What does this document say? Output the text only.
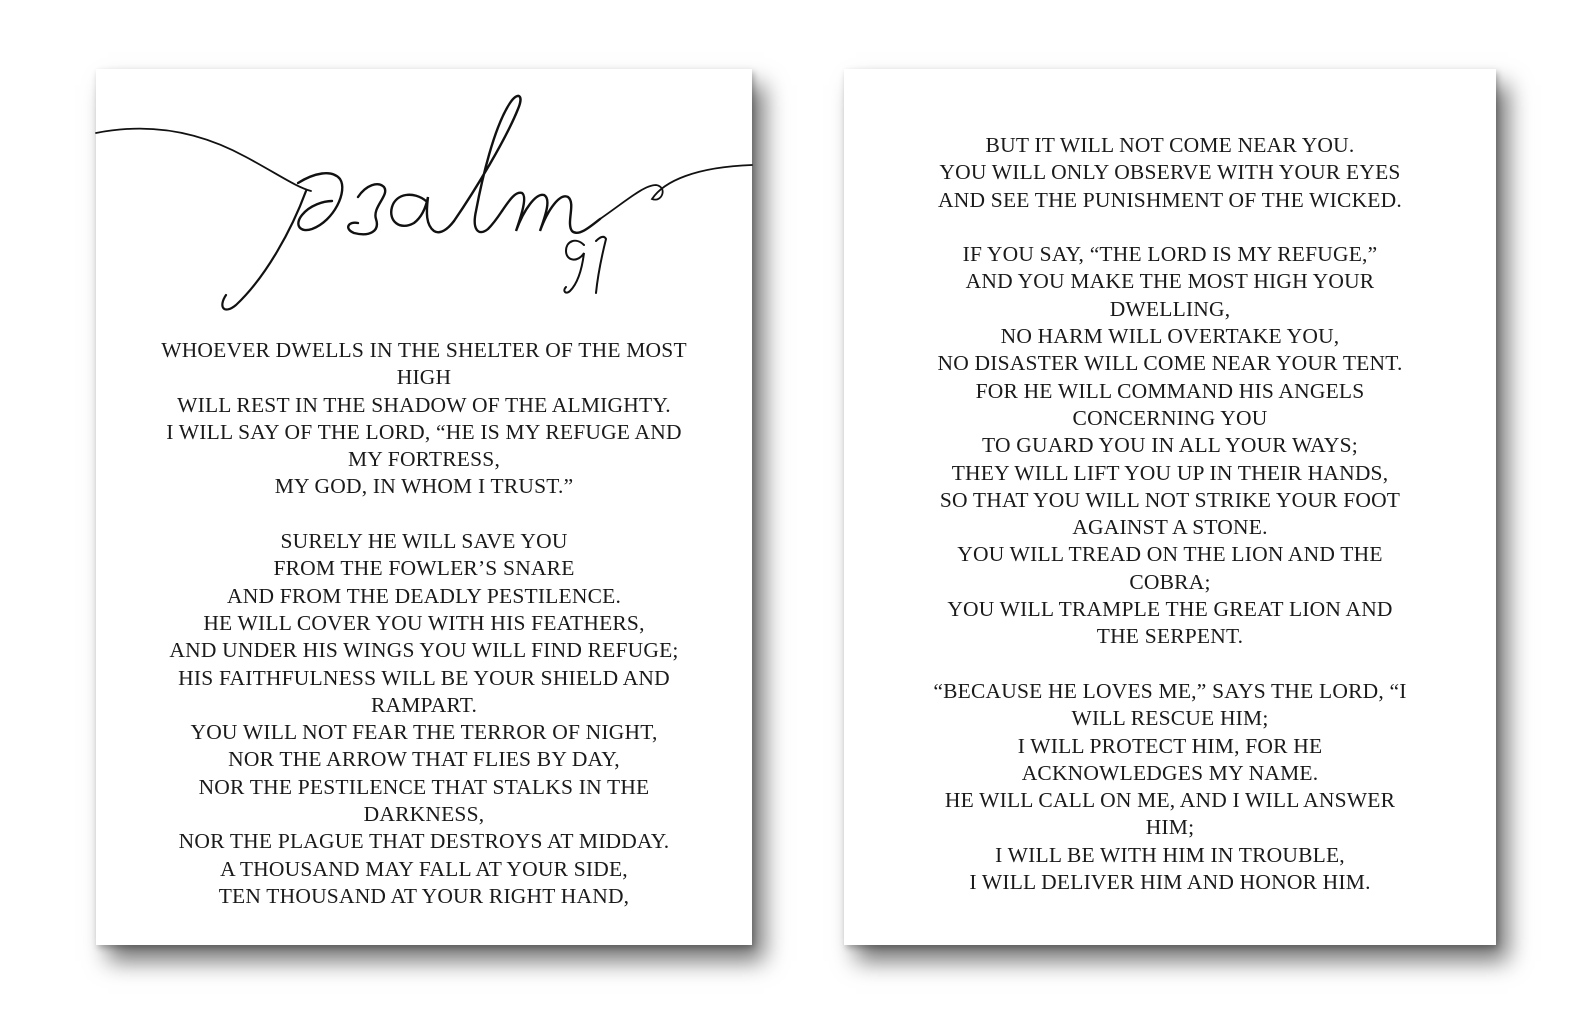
WHOEVER DWELLS IN THE SHELTER OF THE MOST
HIGH
WILL REST IN THE SHADOW OF THE ALMIGHTY.
I WILL SAY OF THE LORD, “HE IS MY REFUGE AND
MY FORTRESS,
MY GOD, IN WHOM I TRUST.”
SURELY HE WILL SAVE YOU
FROM THE FOWLER’S SNARE
AND FROM THE DEADLY PESTILENCE.
HE WILL COVER YOU WITH HIS FEATHERS,
AND UNDER HIS WINGS YOU WILL FIND REFUGE;
HIS FAITHFULNESS WILL BE YOUR SHIELD AND
RAMPART.
YOU WILL NOT FEAR THE TERROR OF NIGHT,
NOR THE ARROW THAT FLIES BY DAY,
NOR THE PESTILENCE THAT STALKS IN THE
DARKNESS,
NOR THE PLAGUE THAT DESTROYS AT MIDDAY.
A THOUSAND MAY FALL AT YOUR SIDE,
TEN THOUSAND AT YOUR RIGHT HAND,
BUT IT WILL NOT COME NEAR YOU.
YOU WILL ONLY OBSERVE WITH YOUR EYES
AND SEE THE PUNISHMENT OF THE WICKED.
IF YOU SAY, “THE LORD IS MY REFUGE,”
AND YOU MAKE THE MOST HIGH YOUR
DWELLING,
NO HARM WILL OVERTAKE YOU,
NO DISASTER WILL COME NEAR YOUR TENT.
FOR HE WILL COMMAND HIS ANGELS
CONCERNING YOU
TO GUARD YOU IN ALL YOUR WAYS;
THEY WILL LIFT YOU UP IN THEIR HANDS,
SO THAT YOU WILL NOT STRIKE YOUR FOOT
AGAINST A STONE.
YOU WILL TREAD ON THE LION AND THE
COBRA;
YOU WILL TRAMPLE THE GREAT LION AND
THE SERPENT.
“BECAUSE HE LOVES ME,” SAYS THE LORD, “I
WILL RESCUE HIM;
I WILL PROTECT HIM, FOR HE
ACKNOWLEDGES MY NAME.
HE WILL CALL ON ME, AND I WILL ANSWER
HIM;
I WILL BE WITH HIM IN TROUBLE,
I WILL DELIVER HIM AND HONOR HIM.
